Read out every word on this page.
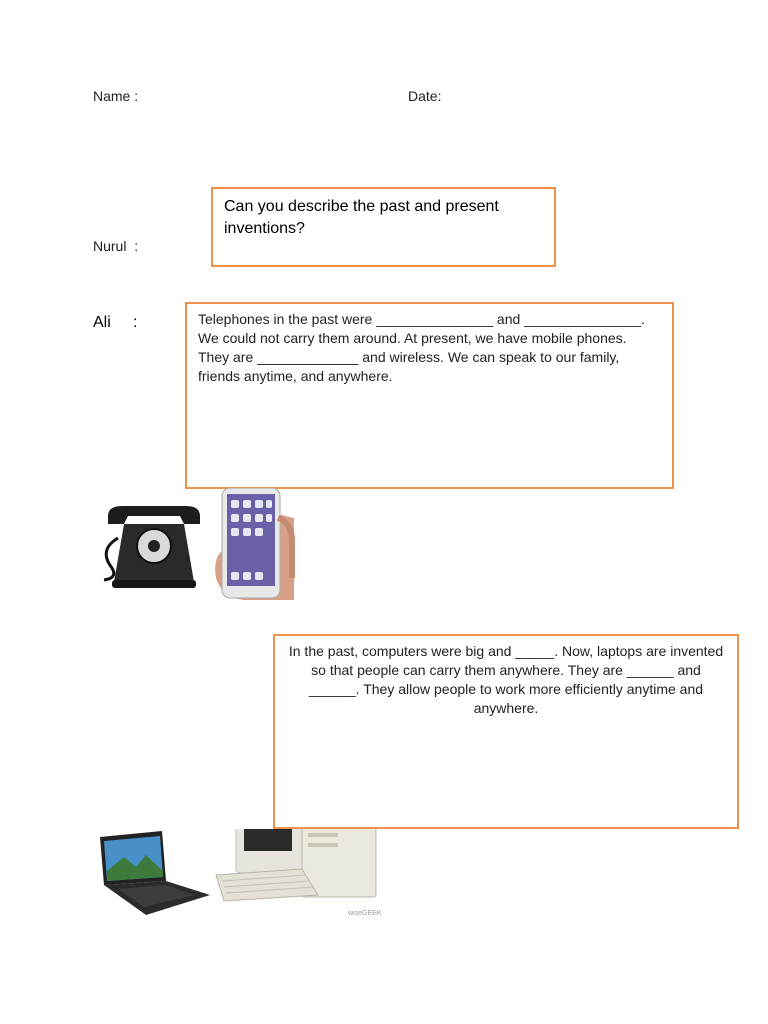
Name :	Date:
Can you describe the past and present inventions?
Nurul  :
Ali     :	Telephones in the past were _______________ and _______________. We could not carry them around. At present, we have mobile phones. They are _____________ and wireless. We can speak to our family, friends anytime, and anywhere.
In the past, computers were big and _____. Now, laptops are invented so that people can carry them anywhere. They are ______ and ______. They allow people to work more efficiently anytime and anywhere.
wiseGEEK
